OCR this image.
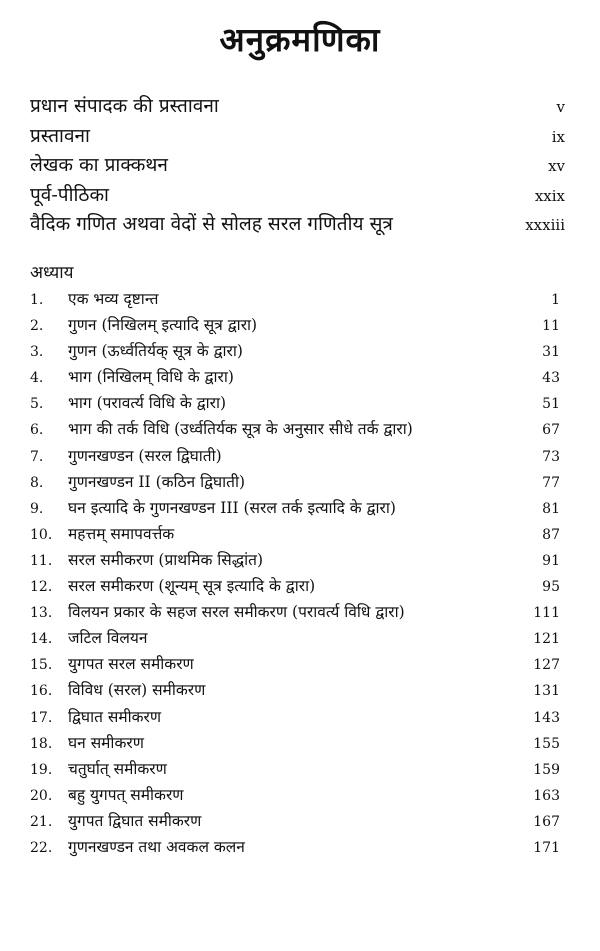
अनुक्रमणिका
प्रधान संपादक की प्रस्तावना	v
प्रस्तावना	ix
लेखक का प्राक्कथन	xv
पूर्व-पीठिका	xxix
वैदिक गणित अथवा वेदों से सोलह सरल गणितीय सूत्र	xxxiii
अध्याय
1.	एक भव्य दृष्टान्त	1
2.	गुणन (निखिलम् इत्यादि सूत्र द्वारा)	11
3.	गुणन (ऊर्ध्वतिर्यक् सूत्र के द्वारा)	31
4.	भाग (निखिलम् विधि के द्वारा)	43
5.	भाग (परावर्त्य विधि के द्वारा)	51
6.	भाग की तर्क विधि (उर्ध्वतिर्यक सूत्र के अनुसार सीधे तर्क द्वारा)	67
7.	गुणनखण्डन (सरल द्विघाती)	73
8.	गुणनखण्डन II (कठिन द्विघाती)	77
9.	घन इत्यादि के गुणनखण्डन III (सरल तर्क इत्यादि के द्वारा)	81
10.	महत्तम् समापवर्त्तक	87
11.	सरल समीकरण (प्राथमिक सिद्धांत)	91
12.	सरल समीकरण (शून्यम् सूत्र इत्यादि के द्वारा)	95
13.	विलयन प्रकार के सहज सरल समीकरण (परावर्त्य विधि द्वारा)	111
14.	जटिल विलयन	121
15.	युगपत सरल समीकरण	127
16.	विविध (सरल) समीकरण	131
17.	द्विघात समीकरण	143
18.	घन समीकरण	155
19.	चतुर्घात् समीकरण	159
20.	बहु युगपत् समीकरण	163
21.	युगपत द्विघात समीकरण	167
22.	गुणनखण्डन तथा अवकल कलन	171
